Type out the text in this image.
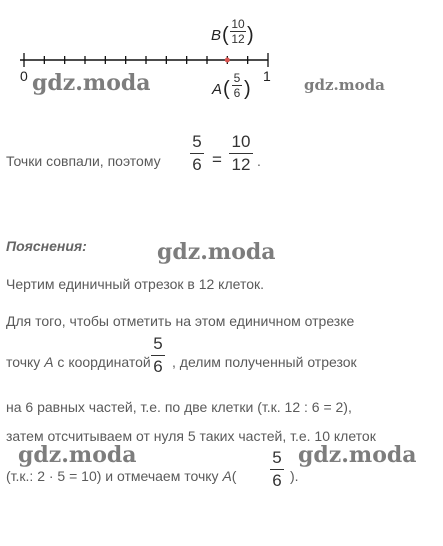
0	1
B ( 10
12 )
A ( 5
6 )
Точки совпали, поэтому
5
6 =
10
12 .
Пояснения:
Чертим единичный отрезок в 12 клеток.
Для того, чтобы отметить на этом единичном отрезке
точку A с координатой
5
6 , делим полученный отрезок
на 6 равных частей, т.е. по две клетки (т.к. 12 : 6 = 2),
затем отсчитываем от нуля 5 таких частей, т.е. 10 клеток
(т.к.: 2 · 5 = 10) и отмечаем точку A(
5
6 ).
gdz.moda	gdz.moda
gdz.moda
gdz.moda	gdz.moda
